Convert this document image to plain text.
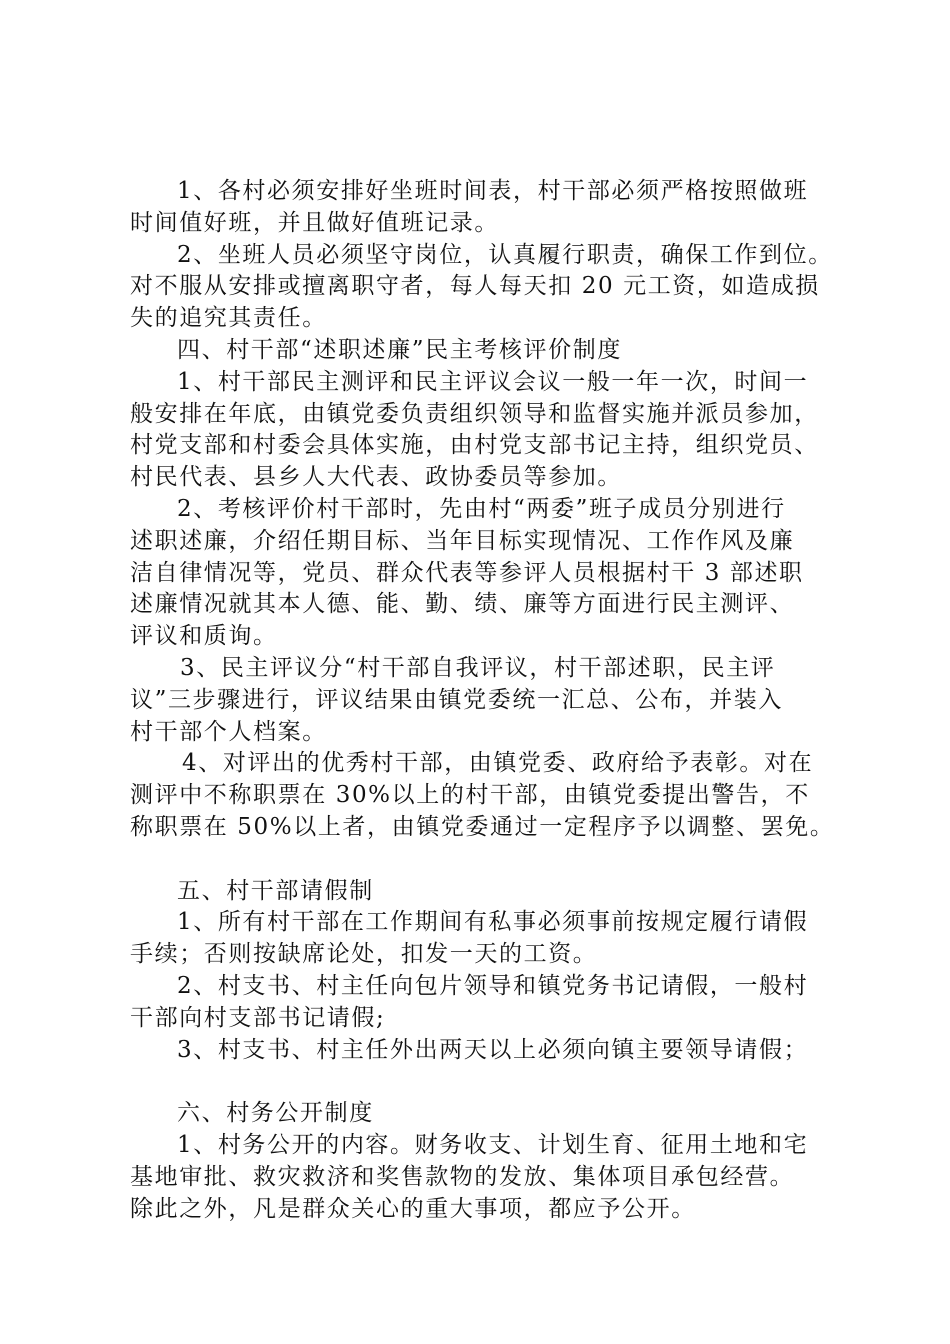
1、各村必须安排好坐班时间表，村干部必须严格按照做班
时间值好班，并且做好值班记录。
2、坐班人员必须坚守岗位，认真履行职责，确保工作到位。
对不服从安排或擅离职守者，每人每天扣 20 元工资，如造成损
失的追究其责任。
四、村干部“述职述廉”民主考核评价制度
1、村干部民主测评和民主评议会议一般一年一次，时间一
般安排在年底，由镇党委负责组织领导和监督实施并派员参加，
村党支部和村委会具体实施，由村党支部书记主持，组织党员、
村民代表、县乡人大代表、政协委员等参加。
2、考核评价村干部时，先由村“两委”班子成员分别进行
述职述廉，介绍任期目标、当年目标实现情况、工作作风及廉
洁自律情况等，党员、群众代表等参评人员根据村干 3 部述职
述廉情况就其本人德、能、勤、绩、廉等方面进行民主测评、
评议和质询。
3、民主评议分“村干部自我评议，村干部述职，民主评
议”三步骤进行，评议结果由镇党委统一汇总、公布，并装入
村干部个人档案。
4、对评出的优秀村干部，由镇党委、政府给予表彰。对在
测评中不称职票在 30%以上的村干部，由镇党委提出警告，不
称职票在 50%以上者，由镇党委通过一定程序予以调整、罢免。
五、村干部请假制
1、所有村干部在工作期间有私事必须事前按规定履行请假
手续；否则按缺席论处，扣发一天的工资。
2、村支书、村主任向包片领导和镇党务书记请假，一般村
干部向村支部书记请假;
3、村支书、村主任外出两天以上必须向镇主要领导请假；
六、村务公开制度
1、村务公开的内容。财务收支、计划生育、征用土地和宅
基地审批、救灾救济和奖售款物的发放、集体项目承包经营。
除此之外，凡是群众关心的重大事项，都应予公开。
